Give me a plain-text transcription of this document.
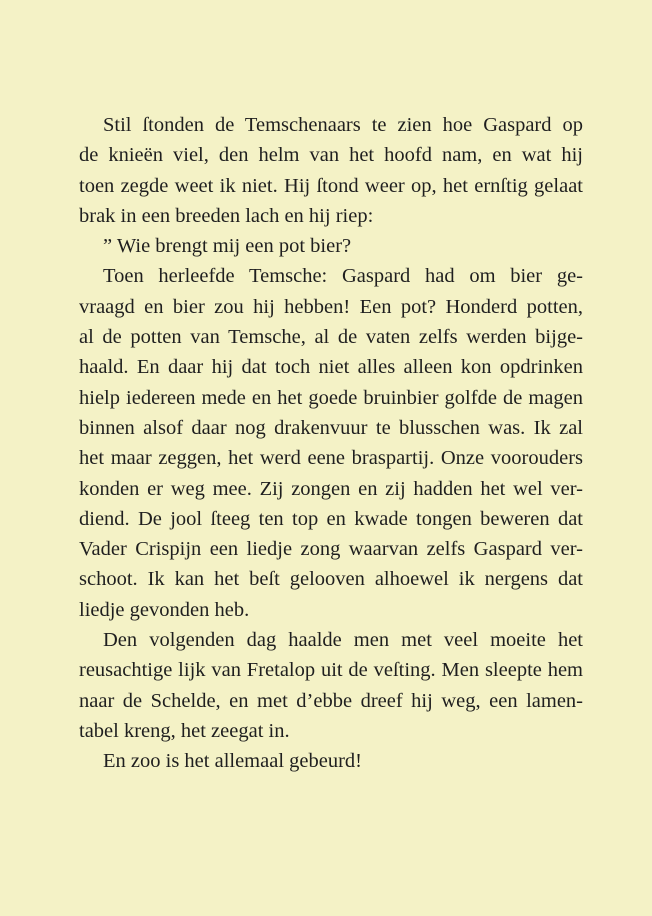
Stil ſtonden de Temschenaars te zien hoe Gaspard op
de knieën viel, den helm van het hoofd nam, en wat hij
toen zegde weet ik niet. Hij ſtond weer op, het ernſtig gelaat
brak in een breeden lach en hij riep:
” Wie brengt mij een pot bier?
Toen herleefde Temsche: Gaspard had om bier ge-
vraagd en bier zou hij hebben! Een pot? Honderd potten,
al de potten van Temsche, al de vaten zelfs werden bijge-
haald. En daar hij dat toch niet alles alleen kon opdrinken
hielp iedereen mede en het goede bruinbier golfde de magen
binnen alsof daar nog drakenvuur te blusschen was. Ik zal
het maar zeggen, het werd eene braspartij. Onze voorouders
konden er weg mee. Zij zongen en zij hadden het wel ver-
diend. De jool ſteeg ten top en kwade tongen beweren dat
Vader Crispijn een liedje zong waarvan zelfs Gaspard ver-
schoot. Ik kan het beſt gelooven alhoewel ik nergens dat
liedje gevonden heb.
Den volgenden dag haalde men met veel moeite het
reusachtige lijk van Fretalop uit de veſting. Men sleepte hem
naar de Schelde, en met d’ebbe dreef hij weg, een lamen-
tabel kreng, het zeegat in.
En zoo is het allemaal gebeurd!
